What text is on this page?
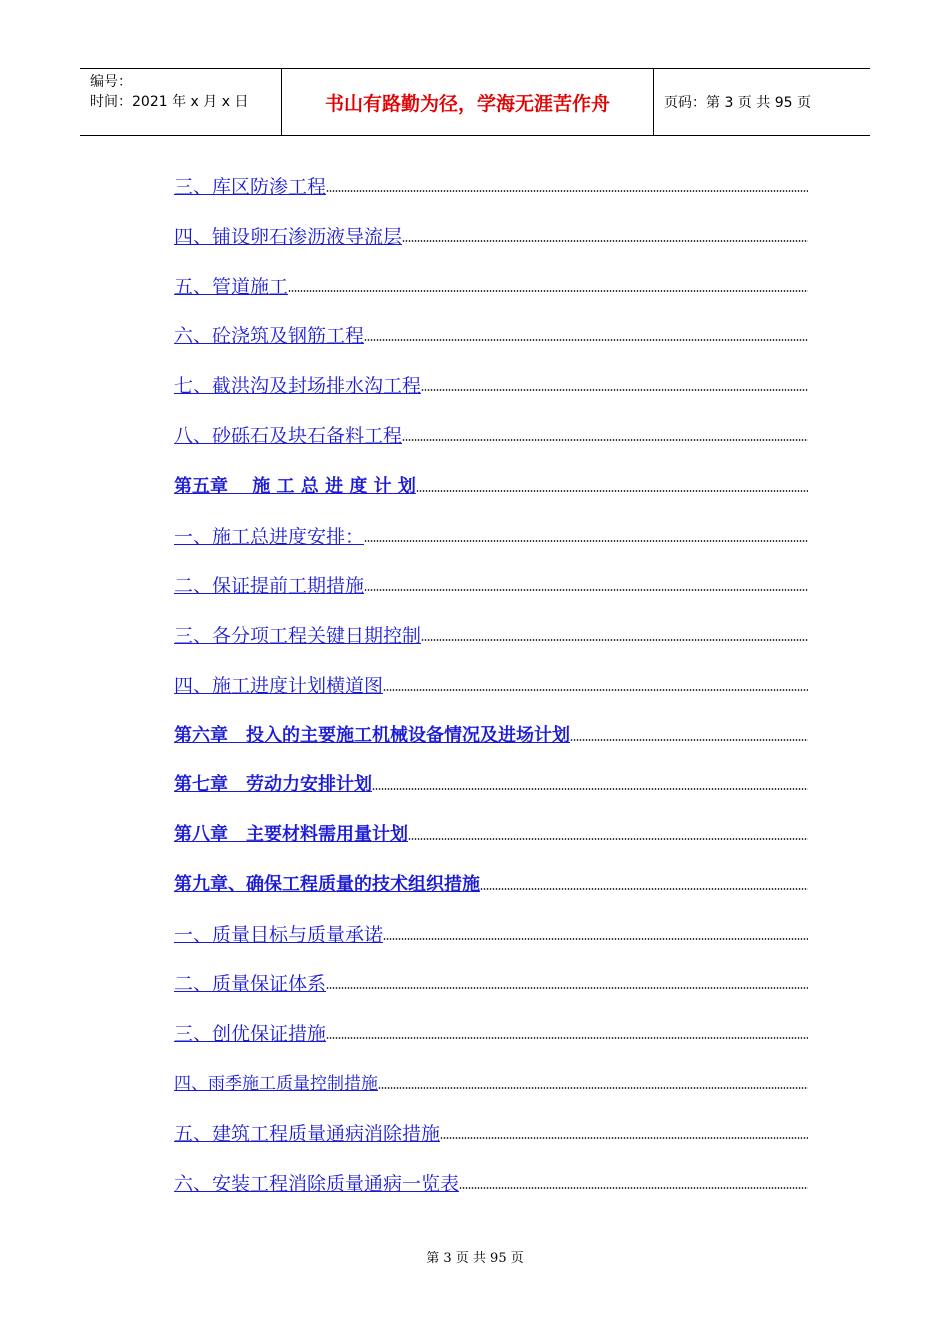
编号：
时间：2021 年 x 月 x 日	书山有路勤为径，学海无涯苦作舟	页码：第 3 页 共 95 页
三、库区防渗工程
四、铺设卵石渗沥液导流层
五、管道施工
六、砼浇筑及钢筋工程
七、截洪沟及封场排水沟工程
八、砂砾石及块石备料工程
第五章　 施 工 总 进 度 计 划
一、施工总进度安排：
二、保证提前工期措施
三、各分项工程关键日期控制
四、施工进度计划横道图
第六章　投入的主要施工机械设备情况及进场计划
第七章　劳动力安排计划
第八章　主要材料需用量计划
第九章、确保工程质量的技术组织措施
一、质量目标与质量承诺
二、质量保证体系
三、创优保证措施
四、雨季施工质量控制措施
五、建筑工程质量通病消除措施
六、安装工程消除质量通病一览表
第 3 页 共 95 页
